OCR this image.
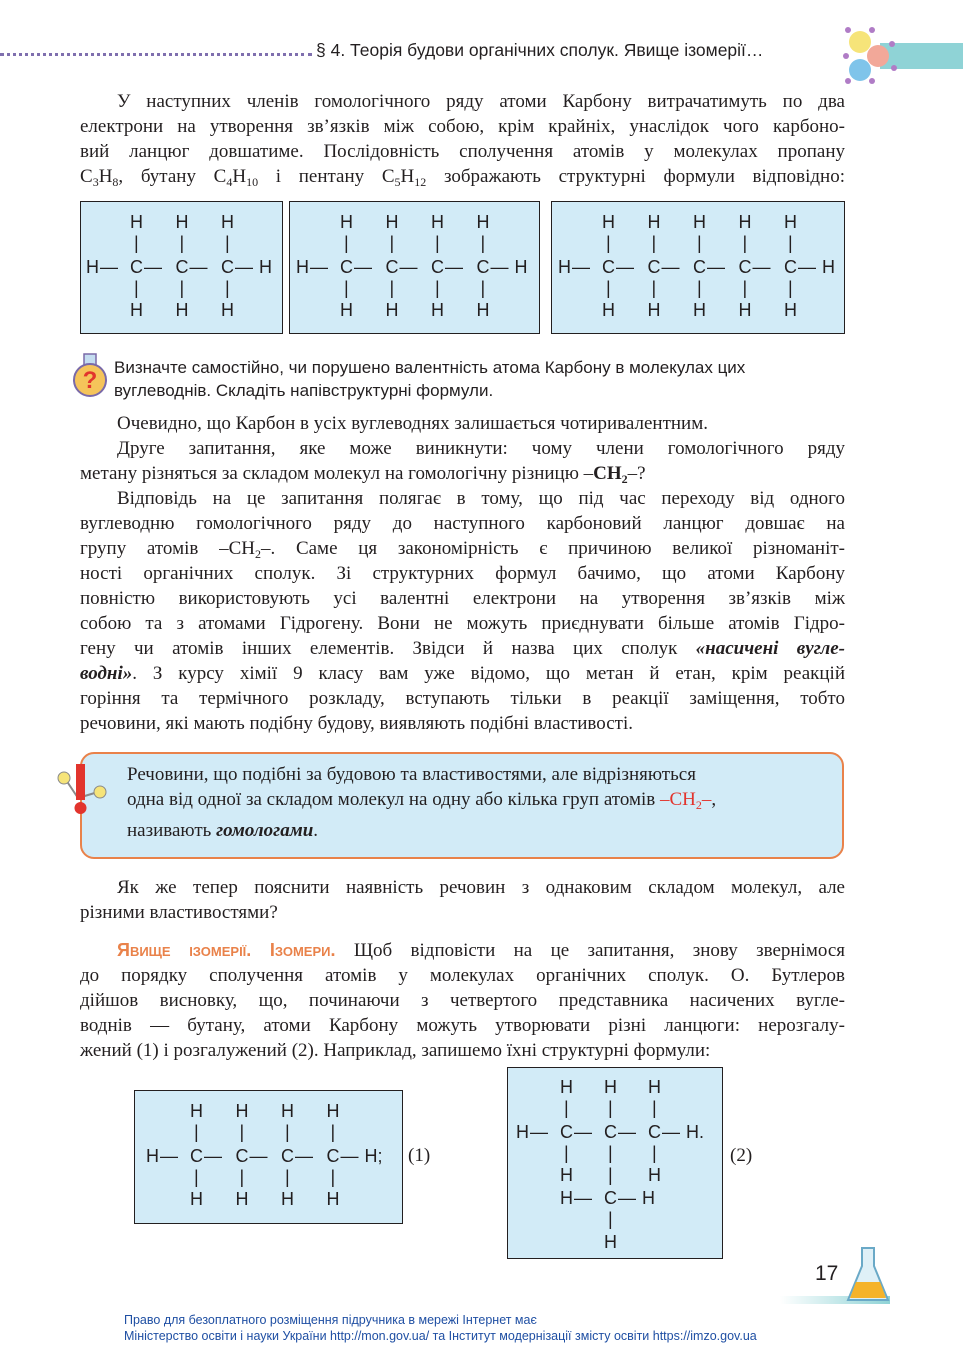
§ 4. Теорія будови органічних сполук. Явище ізомерії…
У наступних членів гомологічного ряду атоми Карбону витрачатимуть по два
електрони на утворення зв’язків між собою, крім крайніх, унаслідок чого карбоно-
вий ланцюг довшатиме. Послідовність сполучення атомів у молекулах пропану
$C_3H_8$, бутану $C_4H_{10}$ і пентану $C_5H_{12}$ зображають структурні формули відповідно:
H —
H
|
C
|
H
—
H
|
C
|
H
—
H
|
C
|
H
— H H —
H
|
C
|
H
—
H
|
C
|
H
—
H
|
C
|
H
—
H
|
C
|
H
— H H —
H
|
C
|
H
—
H
|
C
|
H
—
H
|
C
|
H
—
H
|
C
|
H
—
H
|
C
|
H
— H
H —
H
|
C
|
H
—
H
|
C
|
H
—
H
|
C
|
H
—
H
|
C
|
H
— H;
H —
H
|
C —
|
H
H
|
C —
H
|
C
|
H
— H.
|
|
C
—
H	— H
|
H
? Визначте самостійно, чи порушено валентність атома Карбону в молекулах цих
вуглеводнів. Складіть напівструктурні формули.
Очевидно, що Карбон в усіх вуглеводнях залишається чотиривалентним.
Друге запитання, яке може виникнути: чому члени гомологічного ряду
метану різняться за складом молекул на гомологічну різницю $-CH_2-$?
Відповідь на це запитання полягає в тому, що під час переходу від одного
вуглеводню гомологічного ряду до наступного карбоновий ланцюг довшає на
групу атомів $-CH_2-$. Саме ця закономірність є причиною великої різноманіт-
ності органічних сполук. Зі структурних формул бачимо, що атоми Карбону
повністю використовують усі валентні електрони на утворення зв’язків між
собою та з атомами Гідрогену. Вони не можуть приєднувати більше атомів Гідро-
гену чи атомів інших елементів. Звідси й назва цих сполук «насичені вугле-
водні». З курсу хімії 9 класу вам уже відомо, що метан й етан, крім реакцій
горіння та термічного розкладу, вступають тільки в реакції заміщення, тобто
речовини, які мають подібну будову, виявляють подібні властивості.
Речовини, що подібні за будовою та властивостями, але відрізняються
одна від одної за складом молекул на одну або кілька груп атомів $-CH_2-$,
називають гомологами.
Як же тепер пояснити наявність речовин з однаковим складом молекул, але
різними властивостями?
Явище ізомерії. Ізомери. Щоб відповісти на це запитання, знову звернімося
до порядку сполучення атомів у молекулах органічних сполук. О. Бутлеров
дійшов висновку, що, починаючи з четвертого представника насичених вугле-
воднів — бутану, атоми Карбону можуть утворювати різні ланцюги: нерозгалу-
жений (1) і розгалужений (2). Наприклад, запишемо їхні структурні формули:
(1)	(2)
17
Право для безоплатного розміщення підручника в мережі Інтернет має
Міністерство освіти і науки України http://mon.gov.ua/ та Інститут модернізації змісту освіти https://imzo.gov.ua
